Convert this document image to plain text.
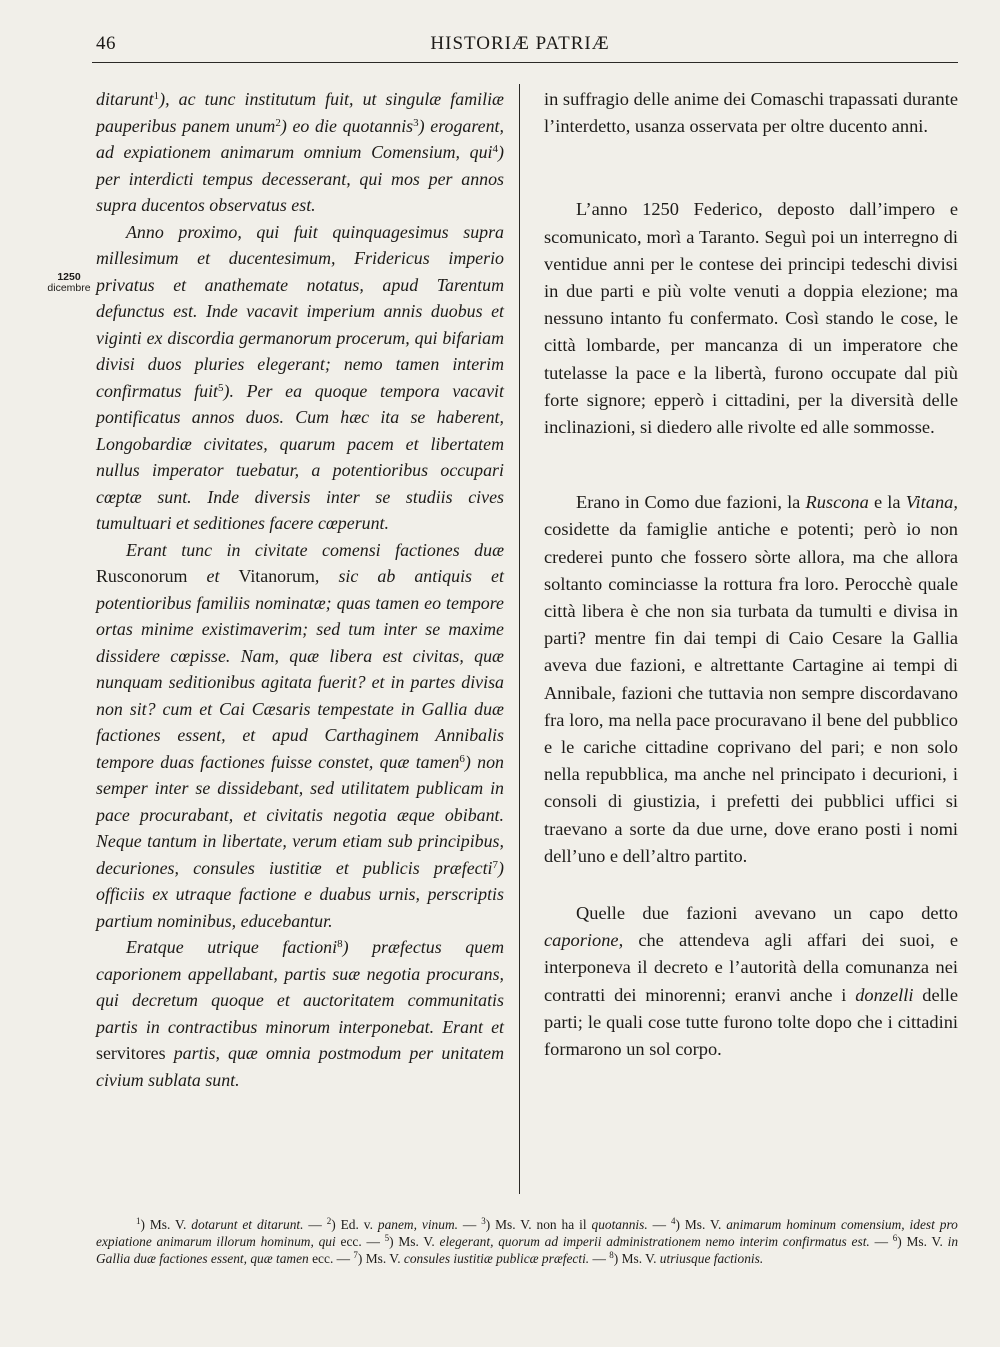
46	HISTORIÆ PATRIÆ
1250
dicembre

ditarunt$^1$), ac tunc institutum fuit, ut singulæ familiæ pauperibus panem unum$^2$) eo die quotannis$^3$) erogarent, ad expiationem animarum omnium Comensium, qui$^4$) per interdicti tempus decesserant, qui mos per annos supra ducentos observatus est.

Anno proximo, qui fuit quinquagesimus supra millesimum et ducentesimum, Fridericus imperio privatus et anathemate notatus, apud Tarentum defunctus est. Inde vacavit imperium annis duobus et viginti ex discordia germanorum procerum, qui bifariam divisi duos pluries elegerant; nemo tamen interim confirmatus fuit$^5$). Per ea quoque tempora vacavit pontificatus annos duos. Cum hæc ita se haberent, Longobardiæ civitates, quarum pacem et libertatem nullus imperator tuebatur, a potentioribus occupari cœptæ sunt. Inde diversis inter se studiis cives tumultuari et seditiones facere cœperunt.

Erant tunc in civitate comensi factiones duæ Rusconorum et Vitanorum, sic ab antiquis et potentioribus familiis nominatæ; quas tamen eo tempore ortas minime existimaverim; sed tum inter se maxime dissidere cœpisse. Nam, quæ libera est civitas, quæ nunquam seditionibus agitata fuerit? et in partes divisa non sit? cum et Cai Cæsaris tempestate in Gallia duæ factiones essent, et apud Carthaginem Annibalis tempore duas factiones fuisse constet, quæ tamen$^6$) non semper inter se dissidebant, sed utilitatem publicam in pace procurabant, et civitatis negotia æque obibant. Neque tantum in libertate, verum etiam sub principibus, decuriones, consules iustitiæ et publicis præfecti$^7$) officiis ex utraque factione e duabus urnis, perscriptis partium nominibus, educebantur.

Eratque utrique factioni$^8$) præfectus quem caporionem appellabant, partis suæ negotia procurans, qui decretum quoque et auctoritatem communitatis partis in contractibus minorum interponebat. Erant et servitores partis, quæ omnia postmodum per unitatem civium sublata sunt.

in suffragio delle anime dei Comaschi trapassati durante l’interdetto, usanza osservata per oltre ducento anni.

L’anno 1250 Federico, deposto dall’impero e scomunicato, morì a Taranto. Seguì poi un interregno di ventidue anni per le contese dei principi tedeschi divisi in due parti e più volte venuti a doppia elezione; ma nessuno intanto fu confermato. Così stando le cose, le città lombarde, per mancanza di un imperatore che tutelasse la pace e la libertà, furono occupate dal più forte signore; epperò i cittadini, per la diversità delle inclinazioni, si diedero alle rivolte ed alle sommosse.

Erano in Como due fazioni, la Ruscona e la Vitana, cosidette da famiglie antiche e potenti; però io non crederei punto che fossero sòrte allora, ma che allora soltanto cominciasse la rottura fra loro. Perocchè quale città libera è che non sia turbata da tumulti e divisa in parti? mentre fin dai tempi di Caio Cesare la Gallia aveva due fazioni, e altrettante Cartagine ai tempi di Annibale, fazioni che tuttavia non sempre discordavano fra loro, ma nella pace procuravano il bene del pubblico e le cariche cittadine coprivano del pari; e non solo nella repubblica, ma anche nel principato i decurioni, i consoli di giustizia, i prefetti dei pubblici uffici si traevano a sorte da due urne, dove erano posti i nomi dell’uno e dell’altro partito.

Quelle due fazioni avevano un capo detto caporione, che attendeva agli affari dei suoi, e interponeva il decreto e l’autorità della comunanza nei contratti dei minorenni; eranvi anche i donzelli delle parti; le quali cose tutte furono tolte dopo che i cittadini formarono un sol corpo.

$^1$) Ms. V. dotarunt et ditarunt. — $^2$) Ed. v. panem, vinum. — $^3$) Ms. V. non ha il quotannis. — $^4$) Ms. V. animarum hominum comensium, idest pro expiatione animarum illorum hominum, qui ecc. — $^5$) Ms. V. elegerant, quorum ad imperii administrationem nemo interim confirmatus est. — $^6$) Ms. V. in Gallia duæ factiones essent, quæ tamen ecc. — $^7$) Ms. V. consules iustitiæ publicæ præfecti. — $^8$) Ms. V. utriusque factionis.
